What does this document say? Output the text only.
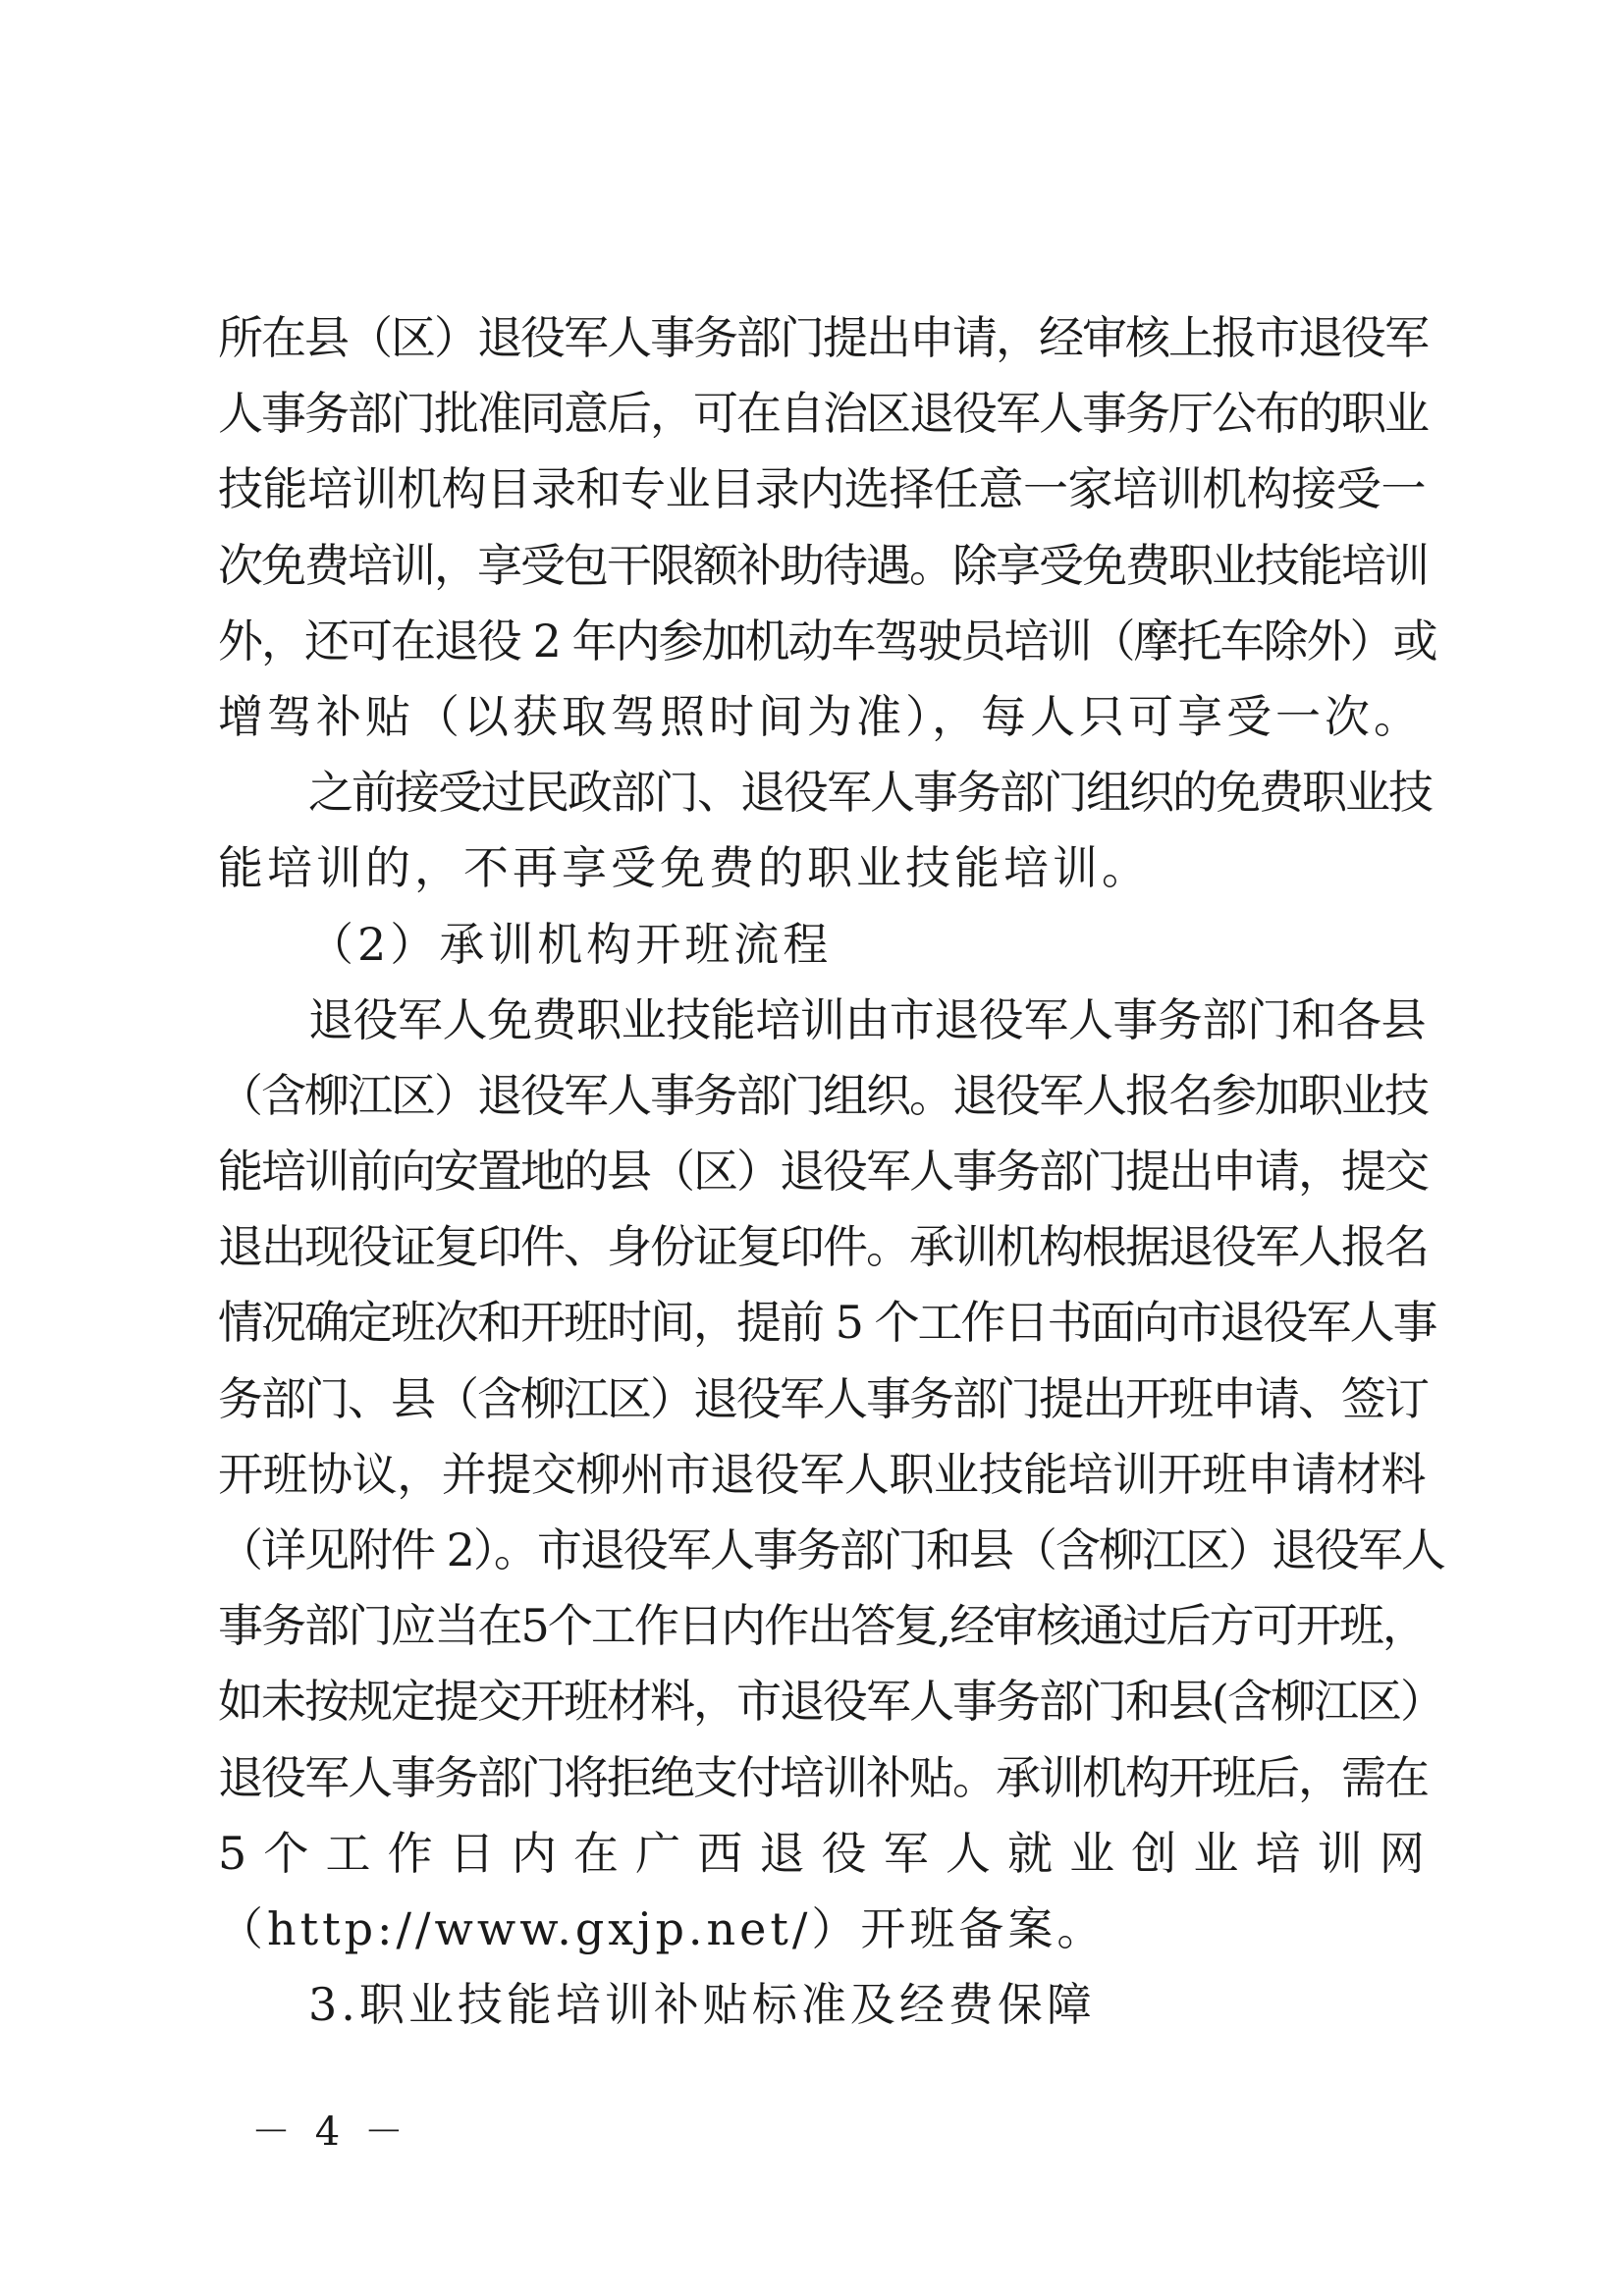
所在县（区）退役军人事务部门提出申请，经审核上报市退役军
人事务部门批准同意后，可在自治区退役军人事务厅公布的职业
技能培训机构目录和专业目录内选择任意一家培训机构接受一
次免费培训，享受包干限额补助待遇。除享受免费职业技能培训
外，还可在退役 2 年内参加机动车驾驶员培训（摩托车除外）或
增驾补贴（以获取驾照时间为准），每人只可享受一次。
之前接受过民政部门、退役军人事务部门组织的免费职业技
能培训的，不再享受免费的职业技能培训。
（2）承训机构开班流程
退役军人免费职业技能培训由市退役军人事务部门和各县
（含柳江区）退役军人事务部门组织。退役军人报名参加职业技
能培训前向安置地的县（区）退役军人事务部门提出申请，提交
退出现役证复印件、身份证复印件。承训机构根据退役军人报名
情况确定班次和开班时间，提前 5 个工作日书面向市退役军人事
务部门、县（含柳江区）退役军人事务部门提出开班申请、签订
开班协议，并提交柳州市退役军人职业技能培训开班申请材料
（详见附件 2）。市退役军人事务部门和县（含柳江区）退役军人
事务部门应当在5个工作日内作出答复,经审核通过后方可开班，
如未按规定提交开班材料，市退役军人事务部门和县(含柳江区）
退役军人事务部门将拒绝支付培训补贴。承训机构开班后，需在
5 个 工 作 日 内 在 广 西 退 役 军 人 就 业 创 业 培 训 网
（http://www.gxjp.net/）开班备案。
3.职业技能培训补贴标准及经费保障
－ 4 －
